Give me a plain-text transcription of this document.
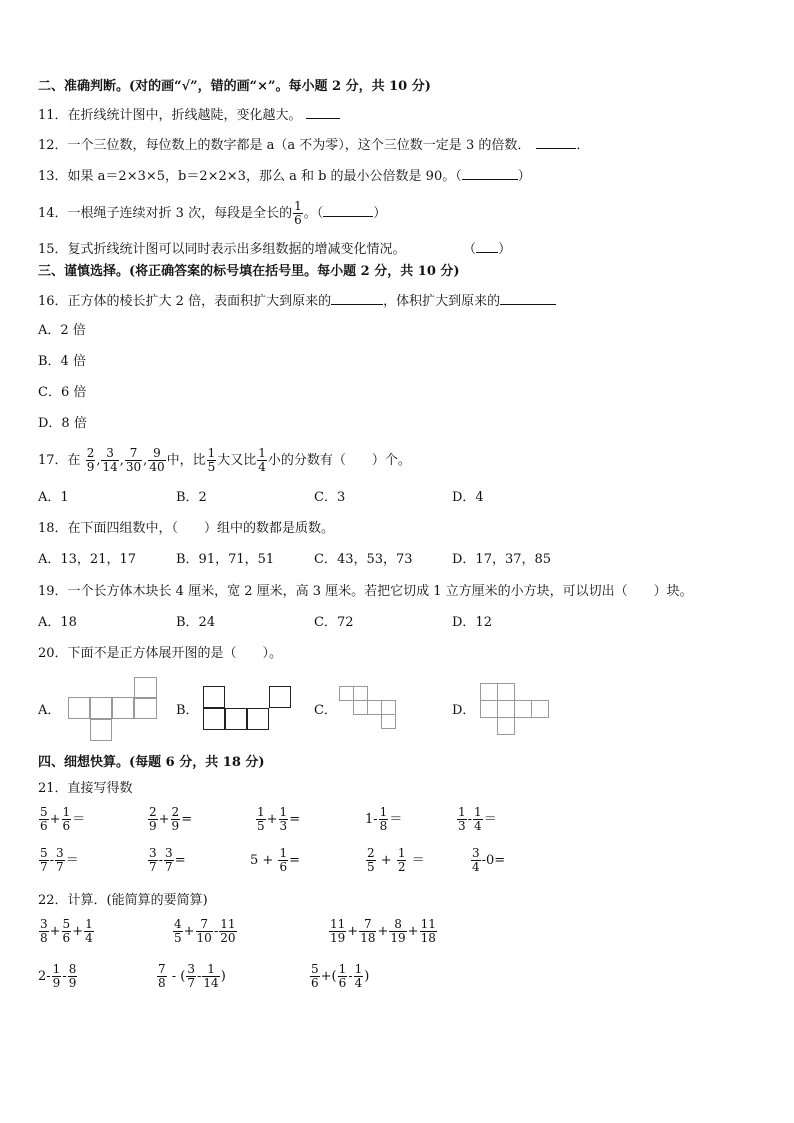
二、准确判断。(对的画“√”，错的画“×”。每小题 2 分，共 10 分)
11．在折线统计图中，折线越陡，变化越大。
12．一个三位数，每位数上的数字都是 a（a 不为零），这个三位数一定是 3 的倍数．	．
13．如果 a＝2×3×5，b＝2×2×3，那么 a 和 b 的最小公倍数是 90。（	）
14．一根绳子连续对折 3 次，每段是全长的 $\frac{1}{6}$ 。（	）
15．复式折线统计图可以同时表示出多组数据的增减变化情况。	（ ）
三、谨慎选择。(将正确答案的标号填在括号里。每小题 2 分，共 10 分)
16．正方体的棱长扩大 2 倍，表面积扩大到原来的	，体积扩大到原来的
A．2 倍
B．4 倍
C．6 倍
D．8 倍
17．在 $\frac{2}{9}$ , $\frac{3}{14}$ , $\frac{7}{30}$ , $\frac{9}{40}$ 中，比 $\frac{1}{5}$ 大又比 $\frac{1}{4}$ 小的分数有（　　）个。
A．1	B．2	C．3	D．4
18．在下面四组数中，（　　）组中的数都是质数。
A．13，21，17	B．91，71，51	C．43，53，73	D．17，37，85
19．一个长方体木块长 4 厘米，宽 2 厘米，高 3 厘米。若把它切成 1 立方厘米的小方块，可以切出（　　）块。
A．18	B．24	C．72	D．12
20．下面不是正方体展开图的是（　　）。
A．	B．	C．	D．
四、细想快算。(每题 6 分，共 18 分)
21．直接写得数
$\frac{5}{6} + \frac{1}{6}$ ＝	$\frac{2}{9} + \frac{2}{9}$ =	$\frac{1}{5} + \frac{1}{3}$ =	$1- \frac{1}{8}$ ＝	$\frac{1}{3} - \frac{1}{4}$ ＝
$\frac{5}{7} - \frac{3}{7}$ ＝	$\frac{3}{7} - \frac{3}{7}$ =	$5 + \frac{1}{6}$ =	$\frac{2}{5} + \frac{1}{2}$ ＝	$\frac{3}{4} -0=$
22．计算．(能简算的要简算)
$\frac{3}{8} + \frac{5}{6} + \frac{1}{4}$	$\frac{4}{5} + \frac{7}{10} - \frac{11}{20}$	$\frac{11}{19} + \frac{7}{18} + \frac{8}{19} + \frac{11}{18}$
$2- \frac{1}{9} - \frac{8}{9}$	$\frac{7}{8}$ - ( $\frac{3}{7} - \frac{1}{14}$ )	$\frac{5}{6}$ +( $\frac{1}{6} - \frac{1}{4}$ )
